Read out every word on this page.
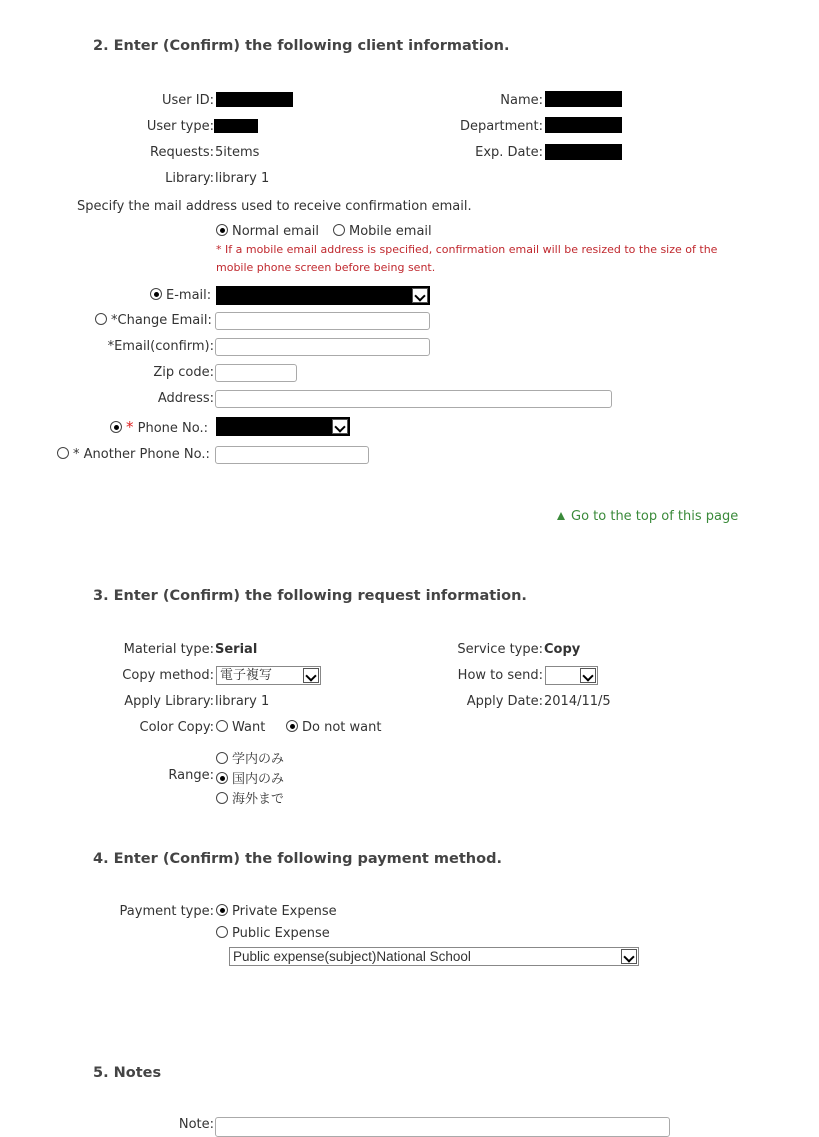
2. Enter (Confirm) the following client information.
User ID:	Name:
User type:	Department:
Requests: 5items	Exp. Date:
Library: library 1
Specify the mail address used to receive confirmation email.
Normal email	Mobile email
* If a mobile email address is specified, confirmation email will be resized to the size of the
mobile phone screen before being sent.
E-mail:
*Change Email:
*Email(confirm):
Zip code:
Address:
* Phone No.:
* Another Phone No.:
Go to the top of this page
3. Enter (Confirm) the following request information.
Material type: Serial	Service type: Copy
Copy method: 電子複写	How to send:
Apply Library: library 1	Apply Date: 2014/11/5
Color Copy:	Want	Do not want
学内のみ
Range:	国内のみ
海外まで
4. Enter (Confirm) the following payment method.
Payment type:	Private Expense
Public Expense
Public expense(subject)National School
5. Notes
Note:
